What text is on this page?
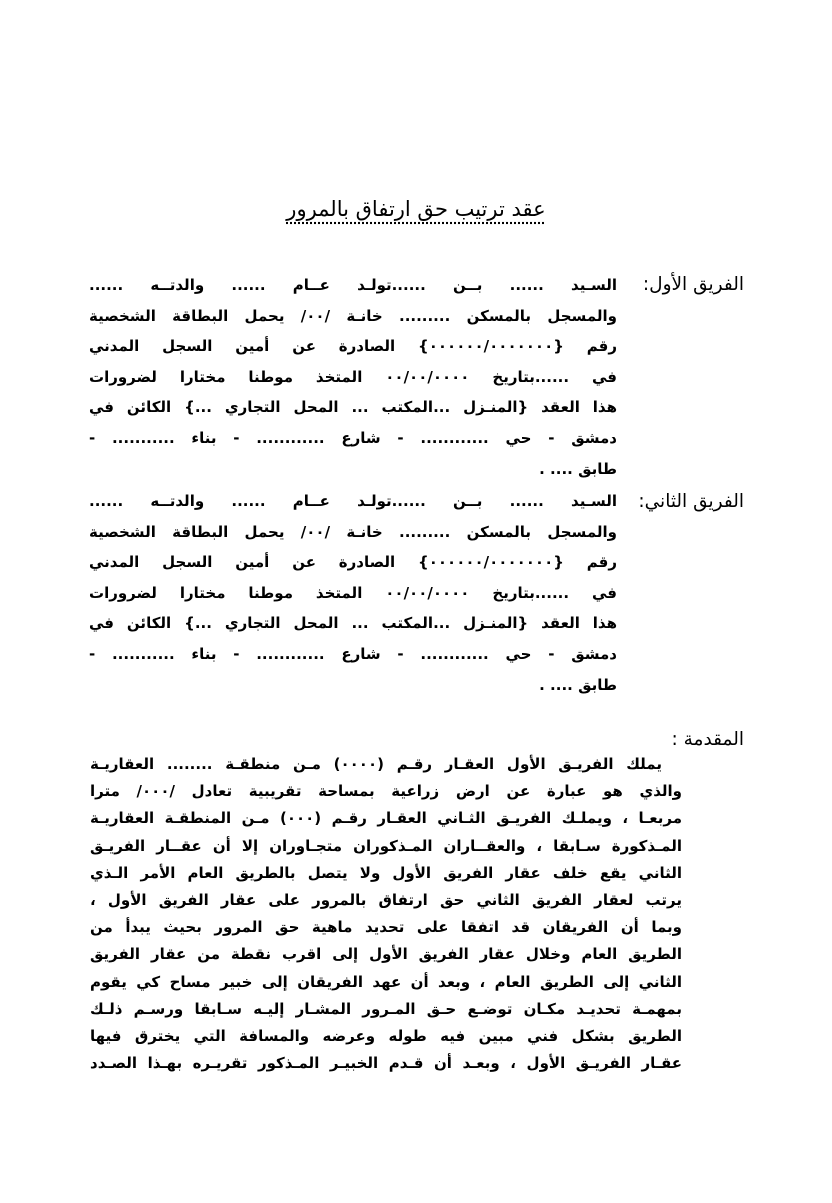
عقد ترتيب حق ارتفاق بالمرور
الفريق الأول:
السـيد ...... بــن ......تولـد عــام ...... والدتــه ......
والمسجل بالمسكن ......... خانـة /٠٠/ يحمل البطاقة الشخصية
رقم {٠٠٠٠٠٠/٠٠٠٠٠٠٠} الصادرة عن أمين السجل المدني
في ......بتاريخ ٠٠/٠٠/٠٠٠٠ المتخذ موطنا مختارا لضرورات
هذا العقد {المنـزل ...المكتب ... المحل التجاري ...} الكائن في
دمشق - حي ............ - شارع ............ - بناء ........... -
طابق .... .
الفريق الثاني:
السـيد ...... بــن ......تولـد عــام ...... والدتــه ......
والمسجل بالمسكن ......... خانـة /٠٠/ يحمل البطاقة الشخصية
رقم {٠٠٠٠٠٠/٠٠٠٠٠٠٠} الصادرة عن أمين السجل المدني
في ......بتاريخ ٠٠/٠٠/٠٠٠٠ المتخذ موطنا مختارا لضرورات
هذا العقد {المنـزل ...المكتب ... المحل التجاري ...} الكائن في
دمشق - حي ............ - شارع ............ - بناء ........... -
طابق .... .
المقدمة :
يملك الفريـق الأول العقـار رقـم (٠٠٠٠) مـن منطقـة ........ العقاريـة
والذي هو عبارة عن ارض زراعية بمساحة تقريبية تعادل /٠٠٠/ مترا
مربعـا ، ويملـك الفريـق الثـاني العقـار رقـم (٠٠٠) مـن المنطقـة العقاريـة
المـذكورة سـابقا ، والعقــاران المـذكوران متجـاوران إلا أن عقــار الفريـق
الثاني يقع خلف عقار الفريق الأول ولا يتصل بالطريق العام الأمر الـذي
يرتب لعقار الفريق الثاني حق ارتفاق بالمرور على عقار الفريق الأول ،
وبما أن الفريقان قد اتفقا على تحديد ماهية حق المرور بحيث يبدأ من
الطريق العام وخلال عقار الفريق الأول إلى اقرب نقطة من عقار الفريق
الثاني إلى الطريق العام ، وبعد أن عهد الفريقان إلى خبير مساح كي يقوم
بمهمـة تحديـد مكـان توضـع حـق المـرور المشـار إليـه سـابقا ورسـم ذلـك
الطريق بشكل فني مبين فيه طوله وعرضه والمسافة التي يخترق فيها
عقـار الفريـق الأول ، وبعـد أن قـدم الخبيـر المـذكور تقريـره بهـذا الصـدد
